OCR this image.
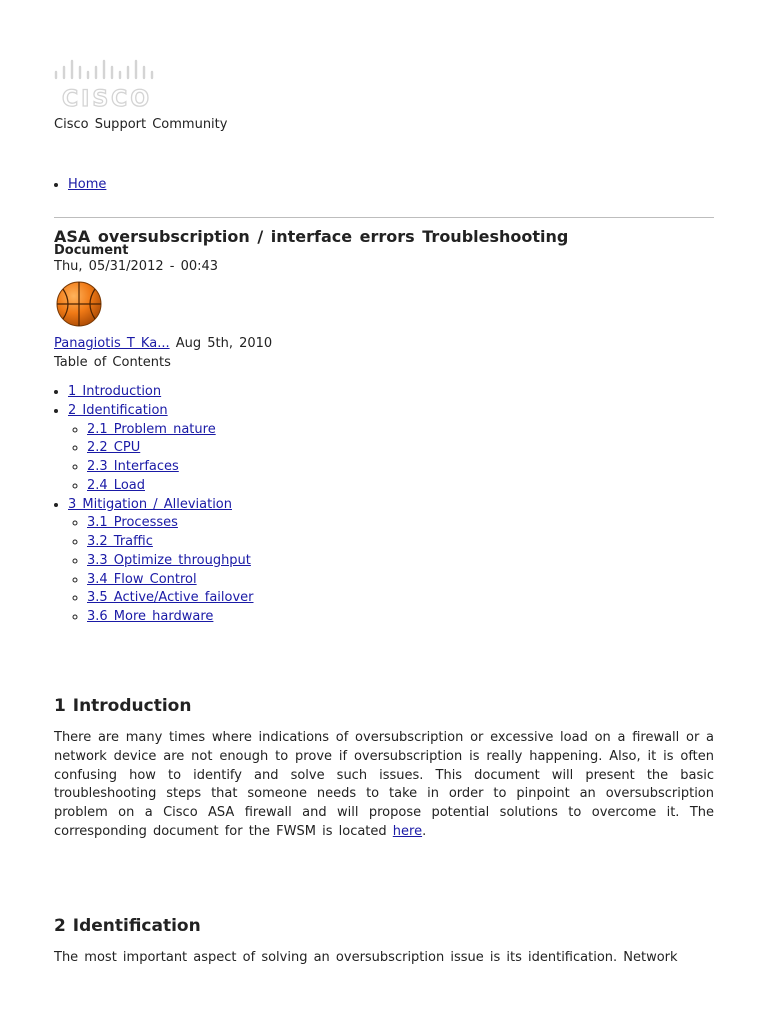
CISCO
Cisco Support Community
• Home
ASA oversubscription / interface errors Troubleshooting
Document
Thu, 05/31/2012 - 00:43
Panagiotis T Ka... Aug 5th, 2010
Table of Contents
• 1 Introduction
• 2 Identification
◦ 2.1 Problem nature
◦ 2.2 CPU
◦ 2.3 Interfaces
◦ 2.4 Load
• 3 Mitigation / Alleviation
◦ 3.1 Processes
◦ 3.2 Traffic
◦ 3.3 Optimize throughput
◦ 3.4 Flow Control
◦ 3.5 Active/Active failover
◦ 3.6 More hardware
1 Introduction

There are many times where indications of oversubscription or excessive load on a firewall or a network device are not enough to prove if oversubscription is really happening. Also, it is often confusing how to identify and solve such issues. This document will present the basic troubleshooting steps that someone needs to take in order to pinpoint an oversubscription problem on a Cisco ASA firewall and will propose potential solutions to overcome it. The corresponding document for the FWSM is located here.

2 Identification

The most important aspect of solving an oversubscription issue is its identification. Network
